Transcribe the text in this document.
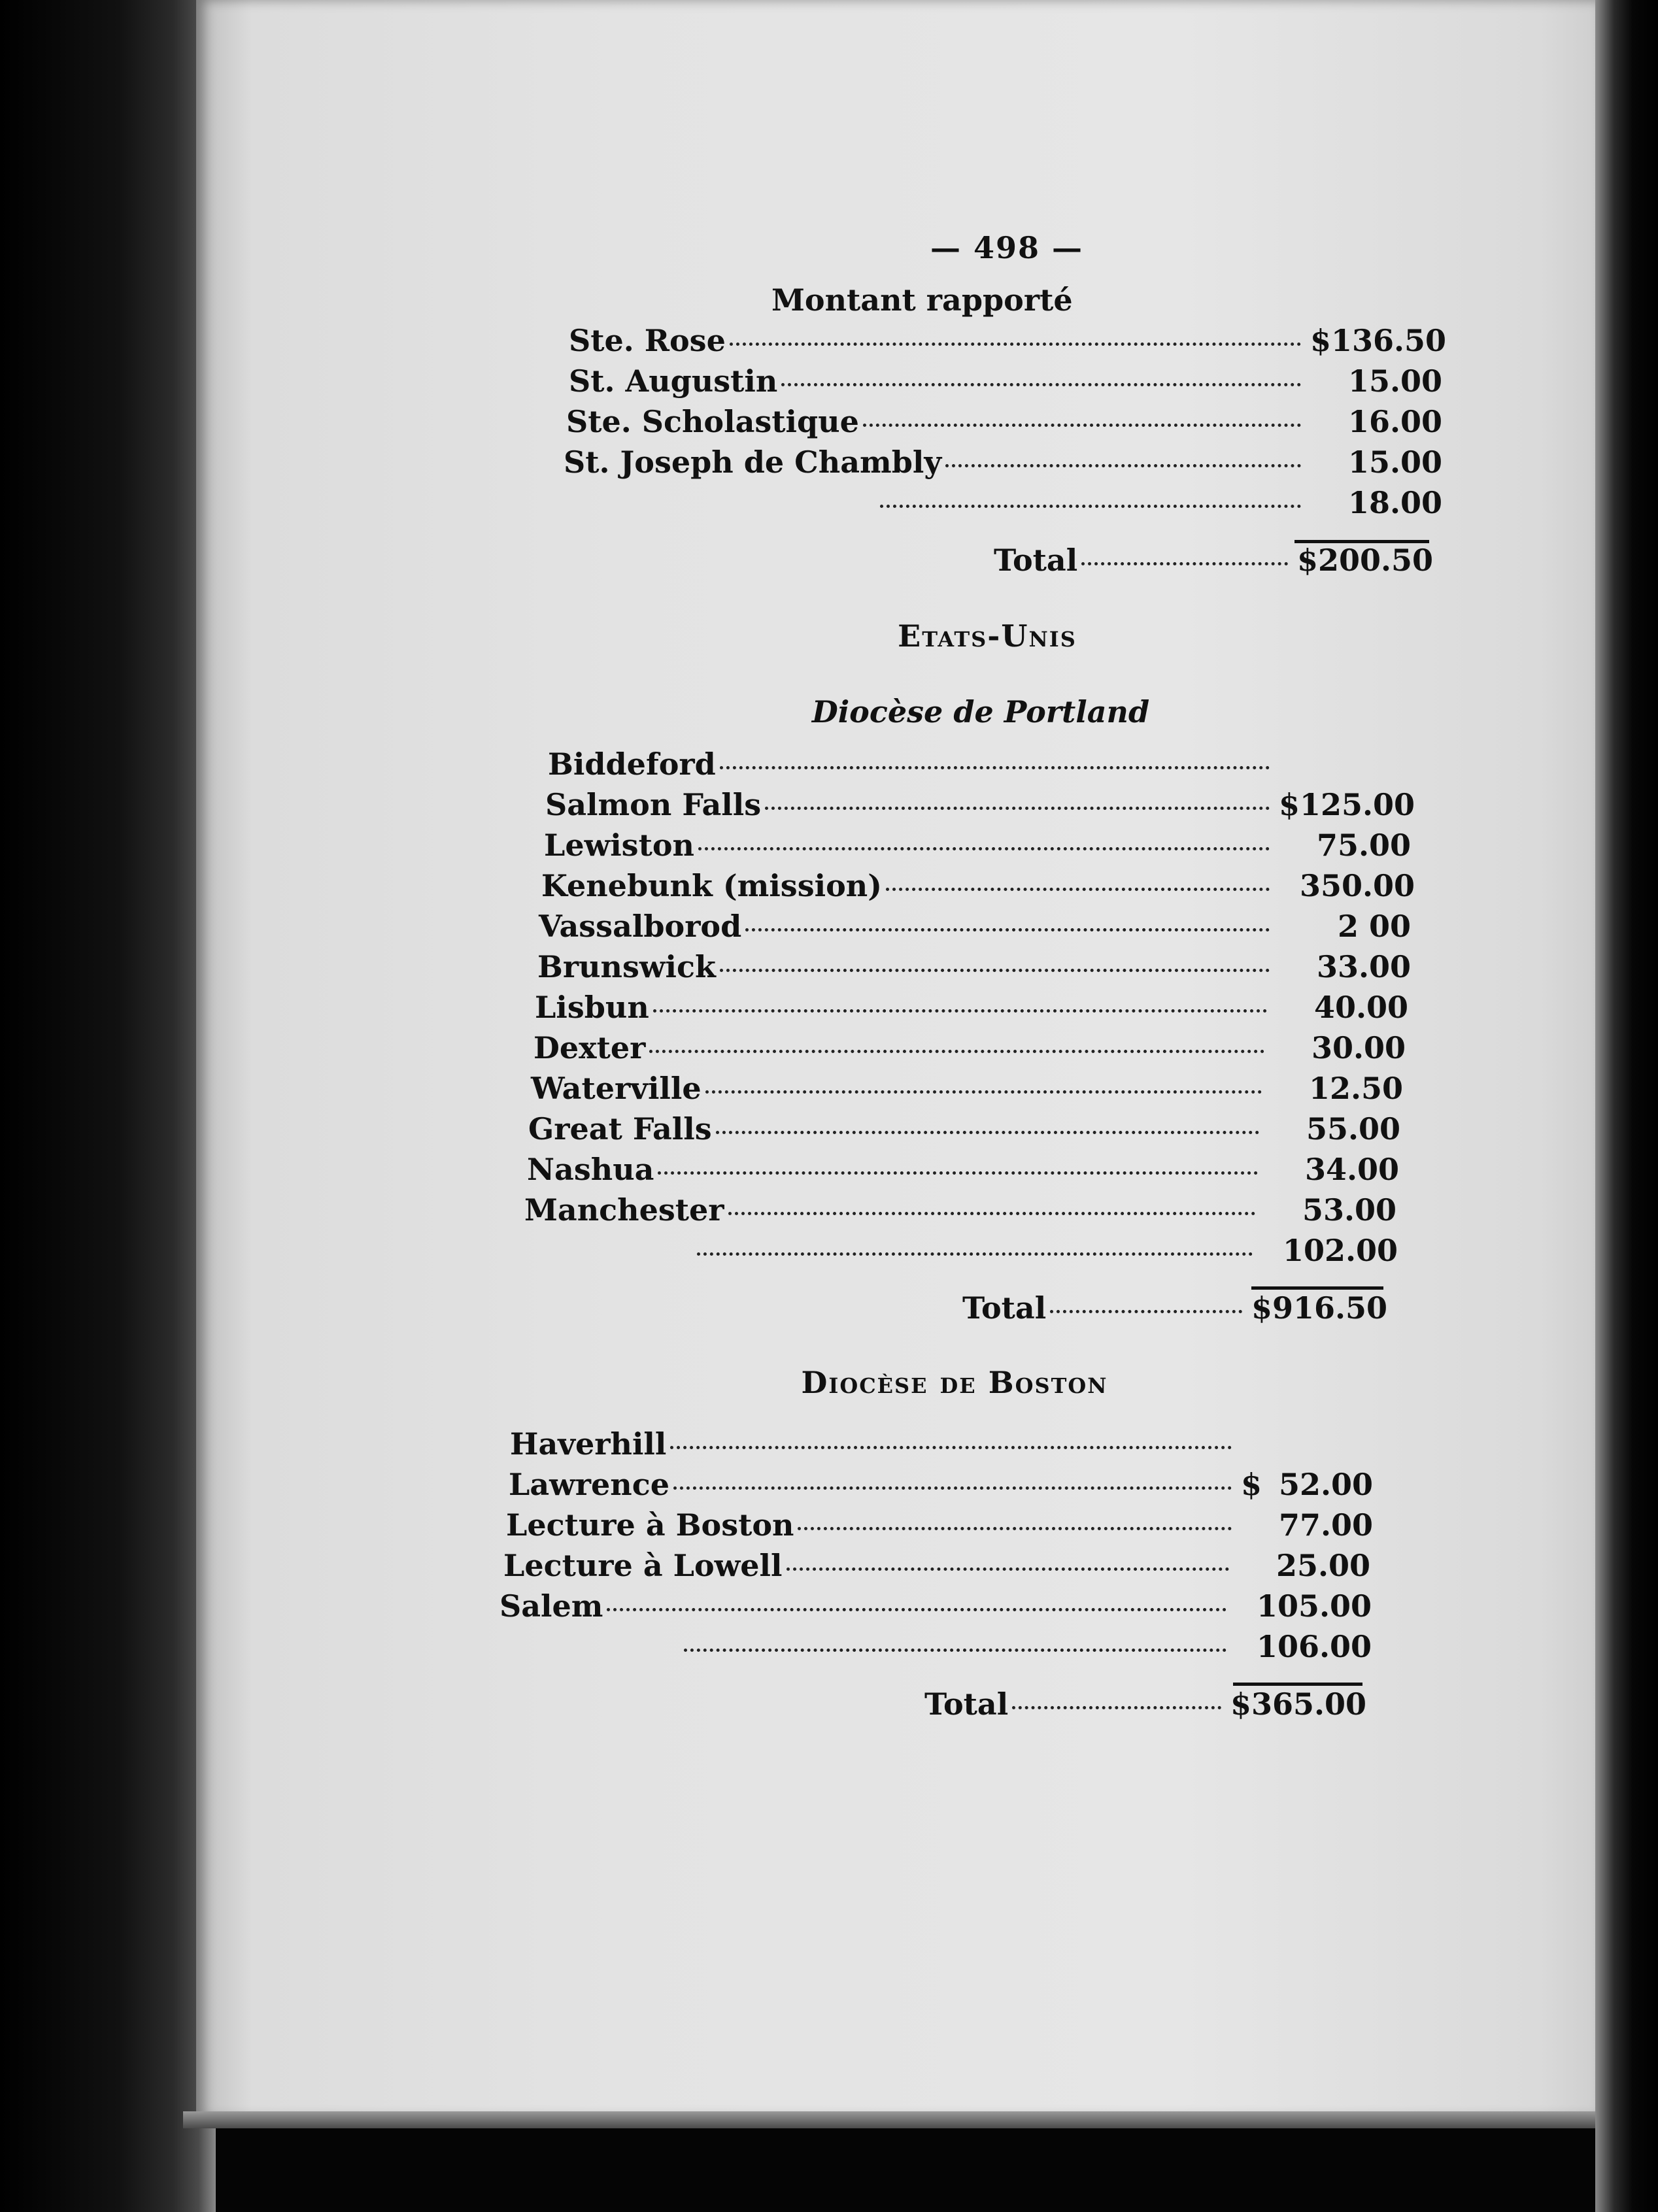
— 498 —
Montant rapporté
Ste. Rose	$ 136.50
St. Augustin	15.00
Ste. Scholastique	16.00
St. Joseph de Chambly	15.00
18.00
Total	$ 200.50
Etats-Unis
Diocèse de Portland
Biddeford
Salmon Falls	$ 125.00
Lewiston	75.00
Kenebunk (mission)	350.00
Vassalborod	2 00
Brunswick	33.00
Lisbun	40.00
Dexter	30.00
Waterville	12.50
Great Falls	55.00
Nashua	34.00
Manchester	53.00
102.00
Total	$ 916.50
Diocèse de Boston
Haverhill
Lawrence	$ 52.00
Lecture à Boston	77.00
Lecture à Lowell	25.00
Salem	105.00
106.00
Total	$ 365.00
